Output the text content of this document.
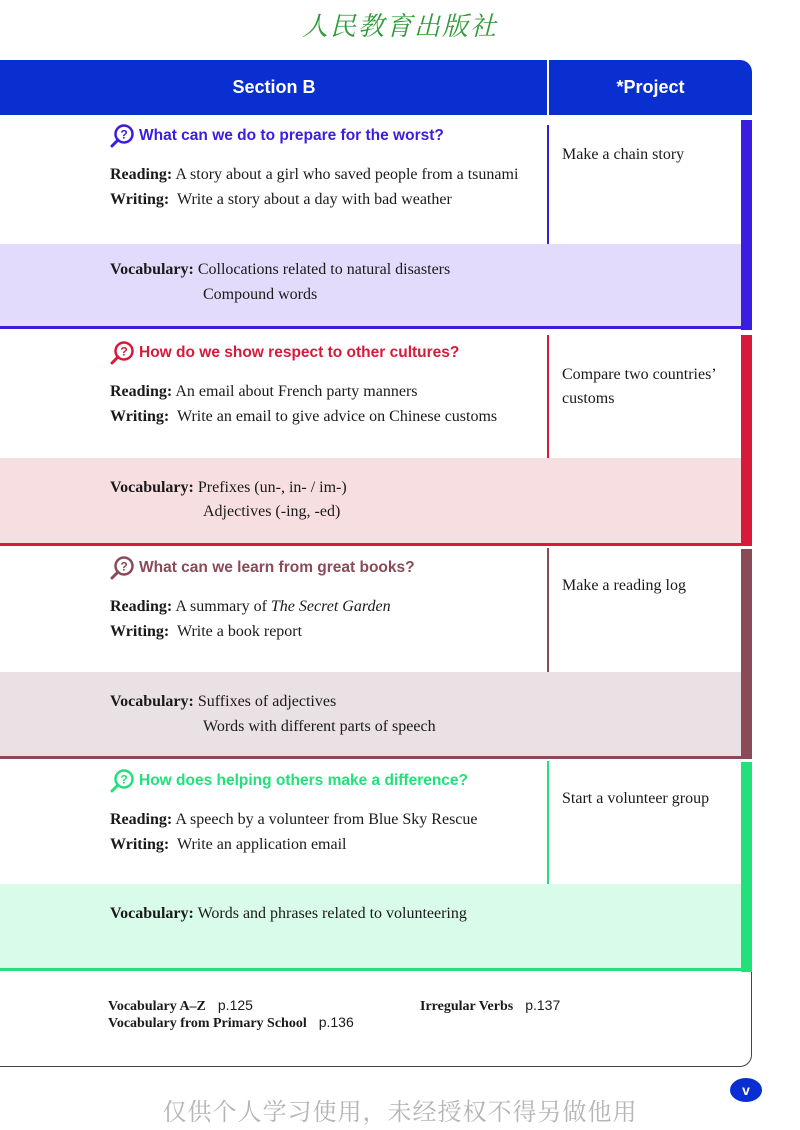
人民教育出版社
Section B	*Project
? What can we do to prepare for the worst?
Reading: A story about a girl who saved people from a tsunami
Writing: Write a story about a day with bad weather
Make a chain story
Vocabulary: Collocations related to natural disasters
Compound words
? How do we show respect to other cultures?
Reading: An email about French party manners
Writing: Write an email to give advice on Chinese customs
Compare two countries’ customs
Vocabulary: Prefixes (un-, in- / im-)
Adjectives (-ing, -ed)
? What can we learn from great books?
Reading: A summary of The Secret Garden
Writing: Write a book report
Make a reading log
Vocabulary: Suffixes of adjectives
Words with different parts of speech
? How does helping others make a difference?
Reading: A speech by a volunteer from Blue Sky Rescue
Writing: Write an application email
Start a volunteer group
Vocabulary: Words and phrases related to volunteering
Vocabulary A–Z p.125
Vocabulary from Primary School p.136
Irregular Verbs p.137
v
仅供个人学习使用，未经授权不得另做他用
